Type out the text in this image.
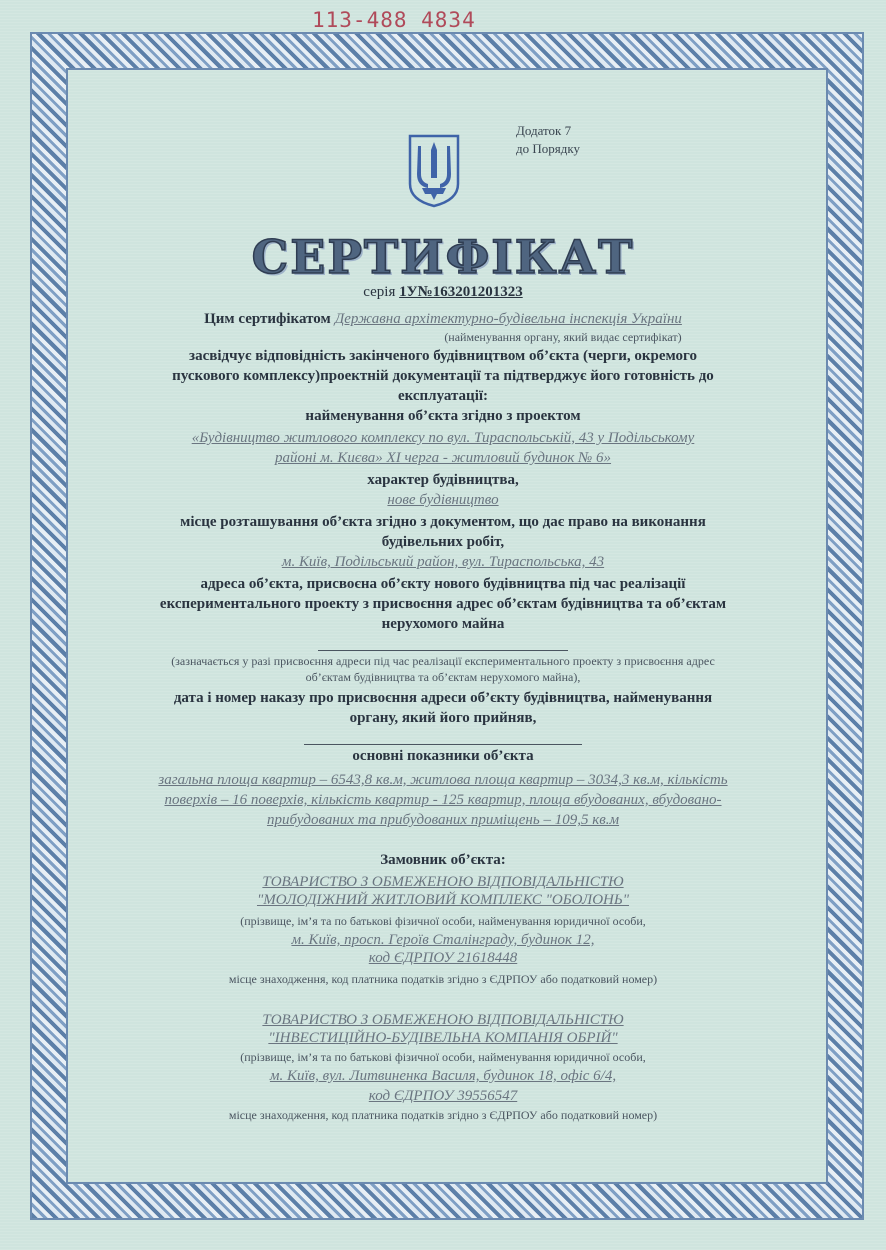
113-488 4834
Додаток 7
до Порядку
СЕРТИФІКАТ
серія 1У№163201201323
Цим сертифікатом Державна архітектурно-будівельна інспекція України
(найменування органу, який видає сертифікат)
засвідчує відповідність закінченого будівництвом об’єкта (черги, окремого
пускового комплексу)проектній документації та підтверджує його готовність до
експлуатації:
найменування об’єкта згідно з проектом
«Будівництво житлового комплексу по вул. Тираспольській, 43 у Подільському
районі м. Києва» XI черга - житловий будинок № 6»
характер будівництва,
нове будівництво
місце розташування об’єкта згідно з документом, що дає право на виконання
будівельних робіт,
м. Київ, Подільський район, вул. Тираспольська, 43
адреса об’єкта, присвоєна об’єкту нового будівництва під час реалізації
експериментального проекту з присвоєння адрес об’єктам будівництва та об’єктам
нерухомого майна
(зазначається у разі присвоєння адреси під час реалізації експериментального проекту з присвоєння адрес
об’єктам будівництва та об’єктам нерухомого майна),
дата і номер наказу про присвоєння адреси об’єкту будівництва, найменування
органу, який його прийняв,
основні показники об’єкта
загальна площа квартир – 6543,8 кв.м, житлова площа квартир – 3034,3 кв.м, кількість
поверхів – 16 поверхів, кількість квартир - 125 квартир, площа вбудованих, вбудовано-
прибудованих та прибудованих приміщень – 109,5 кв.м
Замовник об’єкта:
ТОВАРИСТВО З ОБМЕЖЕНОЮ ВІДПОВІДАЛЬНІСТЮ
"МОЛОДІЖНИЙ ЖИТЛОВИЙ КОМПЛЕКС "ОБОЛОНЬ"
(прізвище, ім’я та по батькові фізичної особи, найменування юридичної особи,
м. Київ, просп. Героїв Сталінграду, будинок 12,
код ЄДРПОУ 21618448
місце знаходження, код платника податків згідно з ЄДРПОУ або податковий номер)
ТОВАРИСТВО З ОБМЕЖЕНОЮ ВІДПОВІДАЛЬНІСТЮ
"ІНВЕСТИЦІЙНО-БУДІВЕЛЬНА КОМПАНІЯ ОБРІЙ"
(прізвище, ім’я та по батькові фізичної особи, найменування юридичної особи,
м. Київ, вул. Литвиненка Василя, будинок 18, офіс 6/4,
код ЄДРПОУ 39556547
місце знаходження, код платника податків згідно з ЄДРПОУ або податковий номер)
